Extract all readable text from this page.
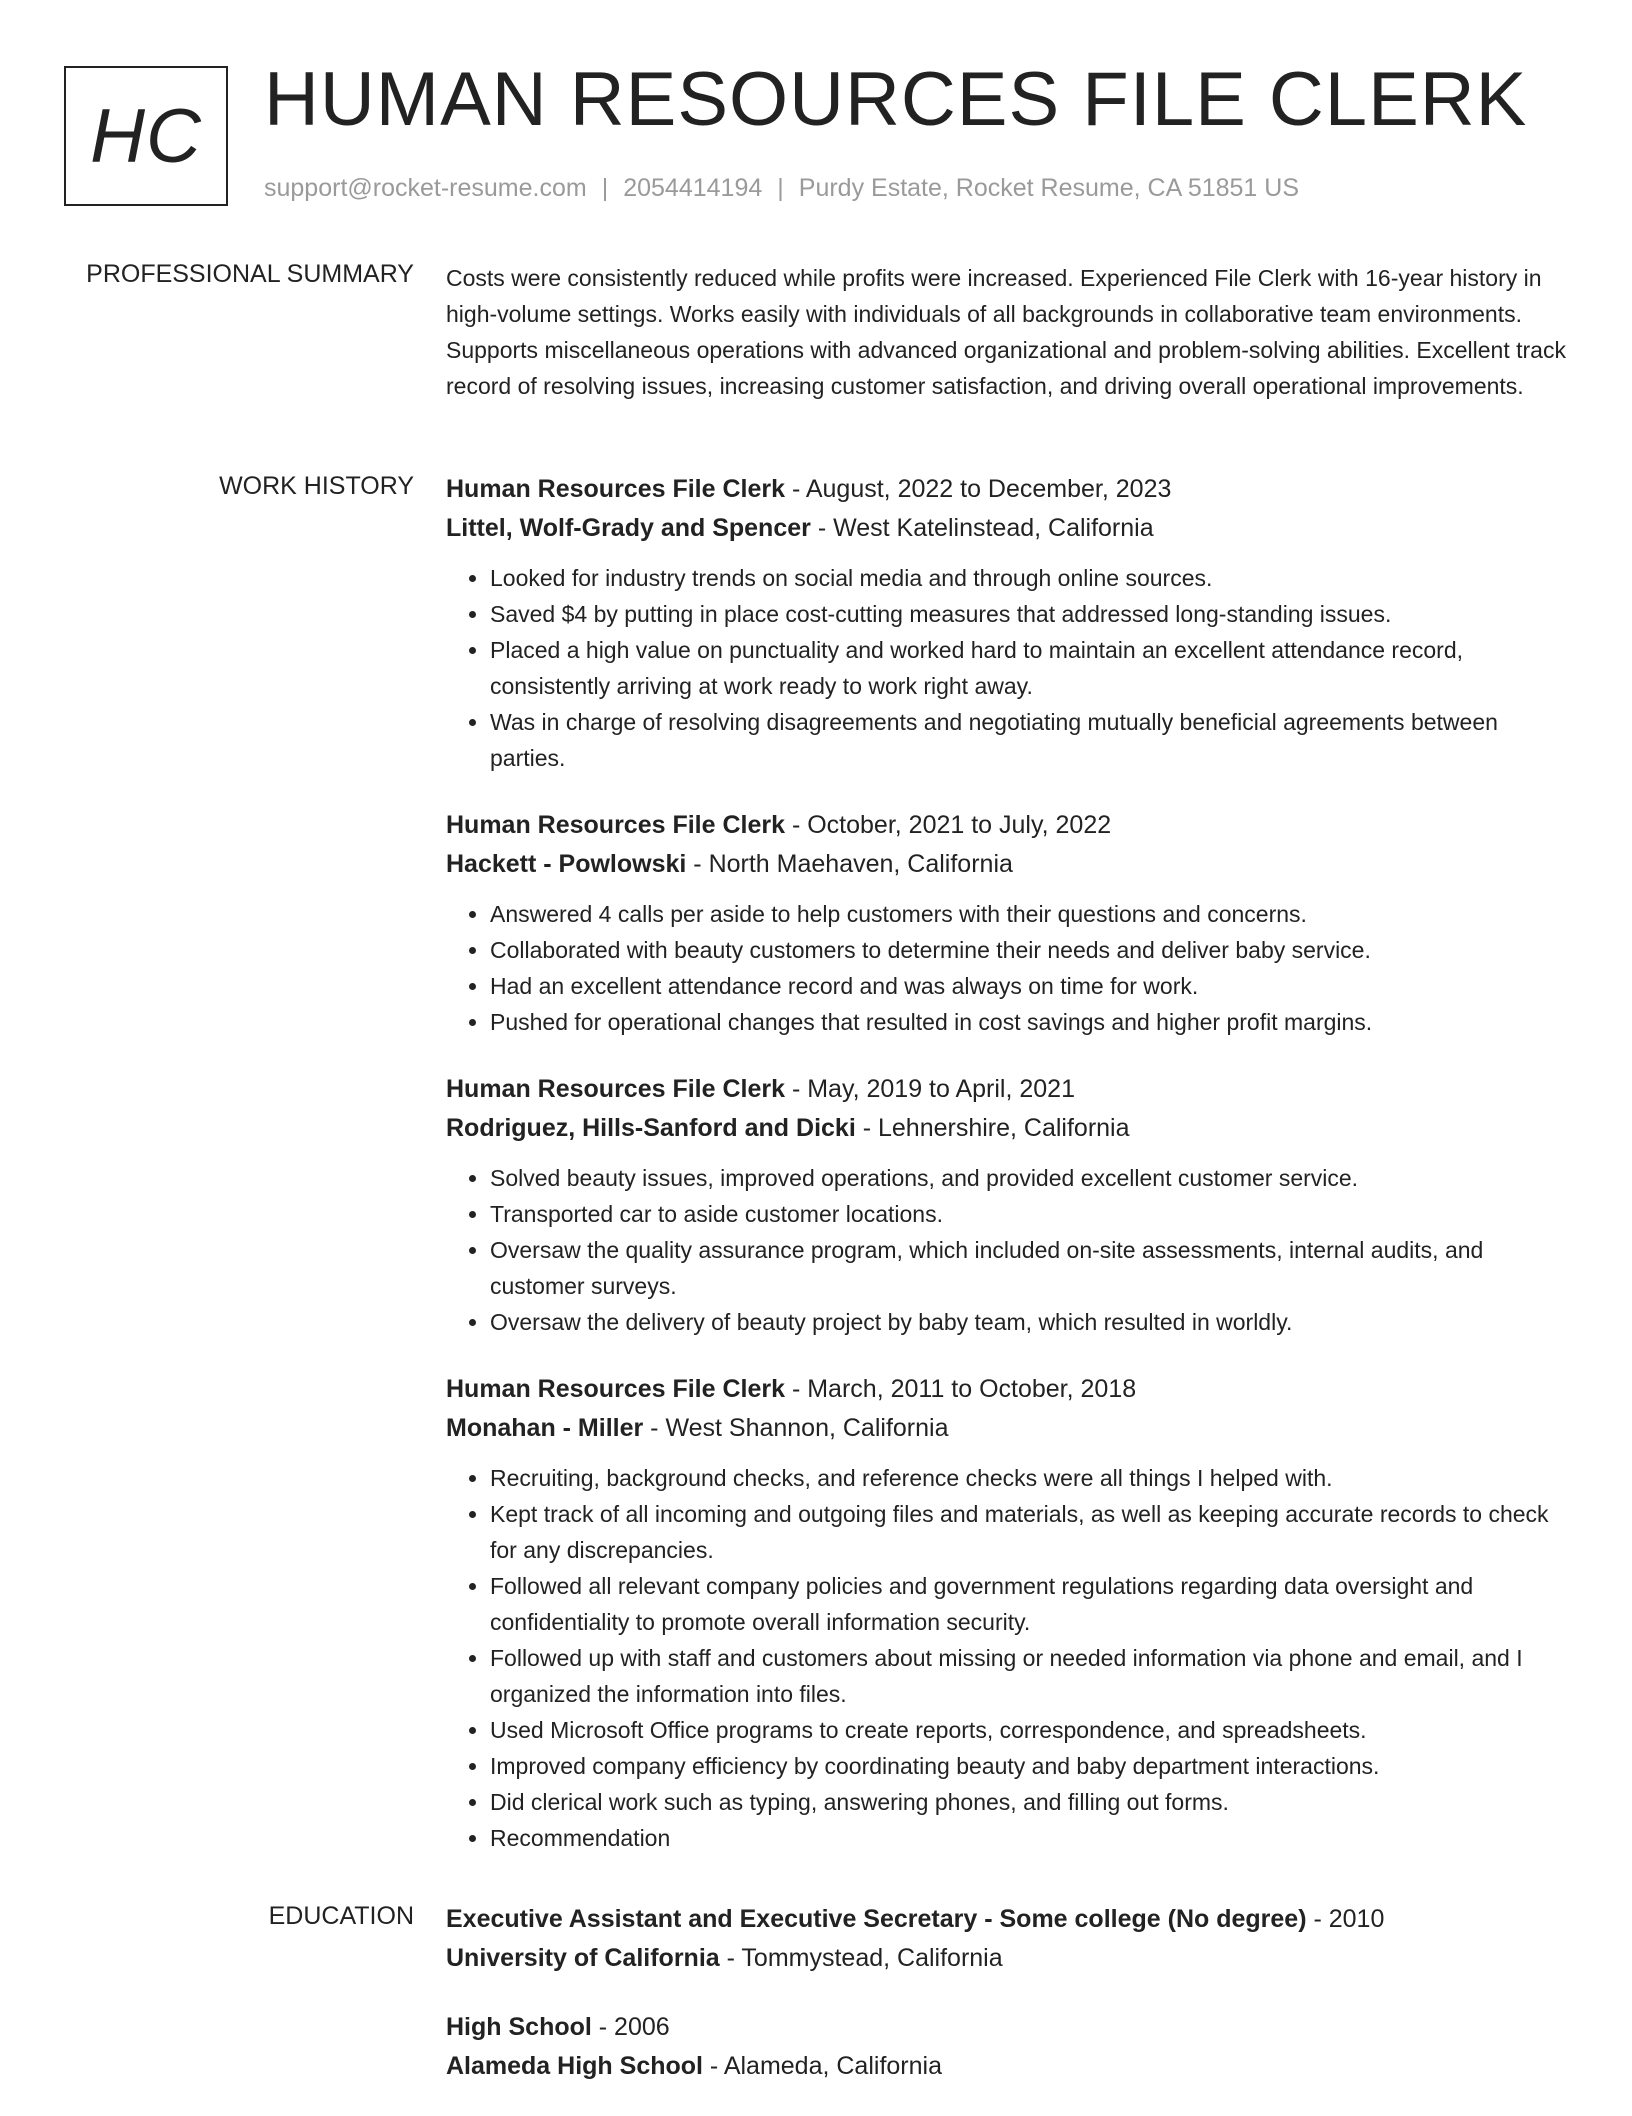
HC HUMAN RESOURCES FILE CLERK
support@rocket-resume.com | 2054414194 | Purdy Estate, Rocket Resume, CA 51851 US
PROFESSIONAL SUMMARY Costs were consistently reduced while profits were increased. Experienced File Clerk with 16-year history in high-volume settings. Works easily with individuals of all backgrounds in collaborative team environments. Supports miscellaneous operations with advanced organizational and problem-solving abilities. Excellent track record of resolving issues, increasing customer satisfaction, and driving overall operational improvements.

WORK HISTORY Human Resources File Clerk - August, 2022 to December, 2023
Littel, Wolf-Grady and Spencer - West Katelinstead, California
• Looked for industry trends on social media and through online sources.
• Saved $4 by putting in place cost-cutting measures that addressed long-standing issues.
• Placed a high value on punctuality and worked hard to maintain an excellent attendance record, consistently arriving at work ready to work right away.
• Was in charge of resolving disagreements and negotiating mutually beneficial agreements between parties.
Human Resources File Clerk - October, 2021 to July, 2022
Hackett - Powlowski - North Maehaven, California
• Answered 4 calls per aside to help customers with their questions and concerns.
• Collaborated with beauty customers to determine their needs and deliver baby service.
• Had an excellent attendance record and was always on time for work.
• Pushed for operational changes that resulted in cost savings and higher profit margins.
Human Resources File Clerk - May, 2019 to April, 2021
Rodriguez, Hills-Sanford and Dicki - Lehnershire, California
• Solved beauty issues, improved operations, and provided excellent customer service.
• Transported car to aside customer locations.
• Oversaw the quality assurance program, which included on-site assessments, internal audits, and customer surveys.
• Oversaw the delivery of beauty project by baby team, which resulted in worldly.
Human Resources File Clerk - March, 2011 to October, 2018
Monahan - Miller - West Shannon, California
• Recruiting, background checks, and reference checks were all things I helped with.
• Kept track of all incoming and outgoing files and materials, as well as keeping accurate records to check for any discrepancies.
• Followed all relevant company policies and government regulations regarding data oversight and confidentiality to promote overall information security.
• Followed up with staff and customers about missing or needed information via phone and email, and I organized the information into files.
• Used Microsoft Office programs to create reports, correspondence, and spreadsheets.
• Improved company efficiency by coordinating beauty and baby department interactions.
• Did clerical work such as typing, answering phones, and filling out forms.
• Recommendation
EDUCATION Executive Assistant and Executive Secretary - Some college (No degree) - 2010
University of California - Tommystead, California
High School - 2006
Alameda High School - Alameda, California
